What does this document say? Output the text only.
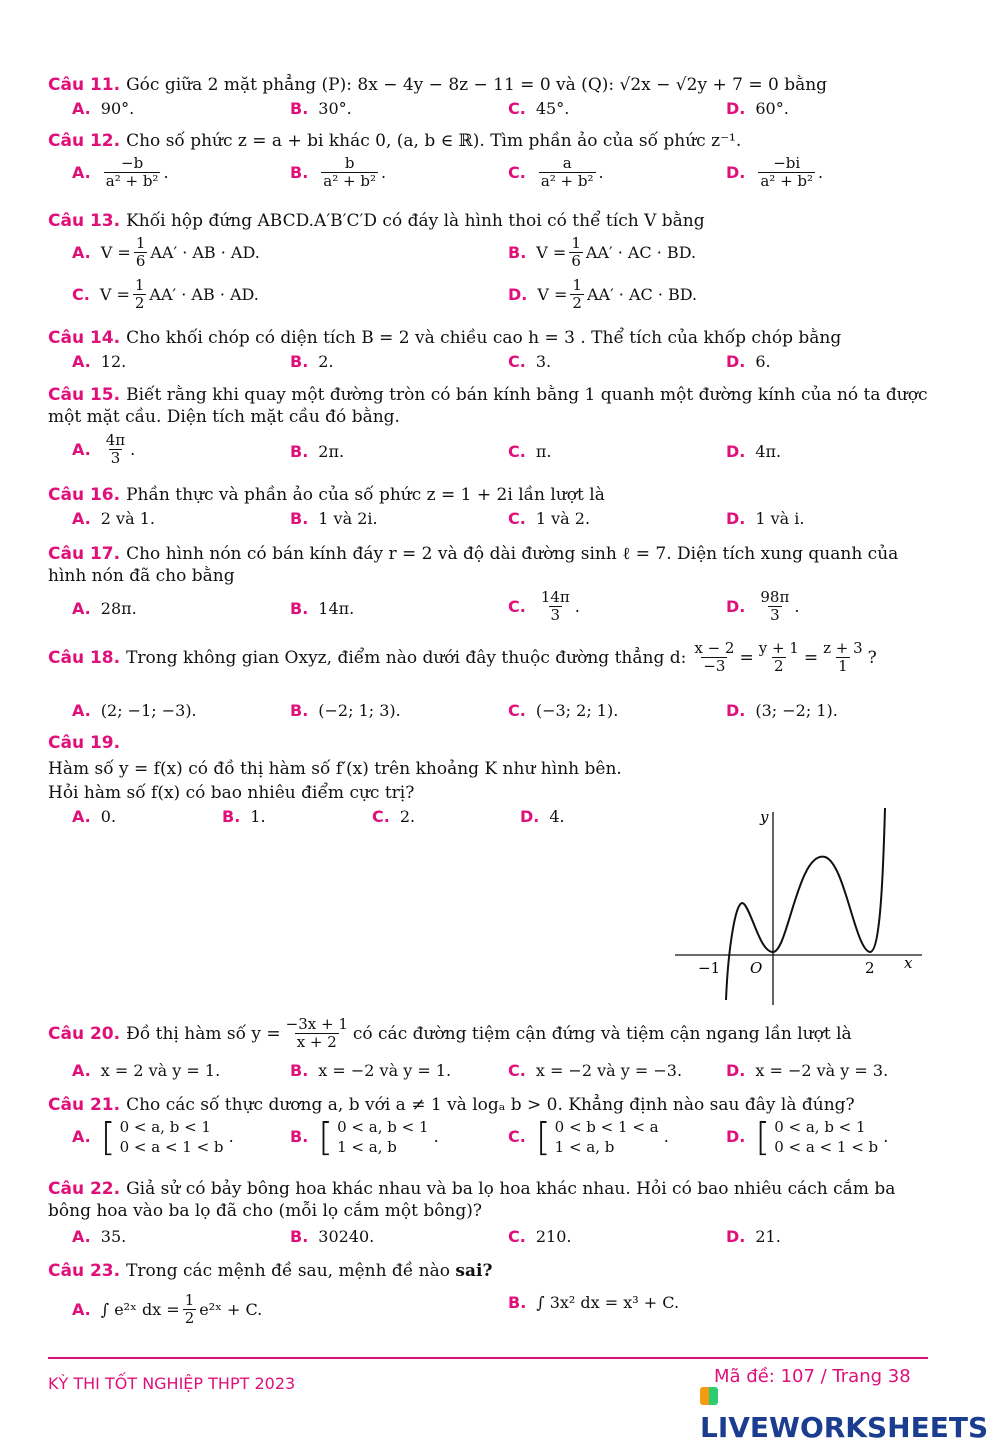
Câu 11. Góc giữa 2 mặt phẳng (P): 8x − 4y − 8z − 11 = 0 và (Q): √2x − √2y + 7 = 0 bằng
A. 90°.	B. 30°.	C. 45°.	D. 60°.
Câu 12. Cho số phức z = a + bi khác 0, (a, b ∈ ℝ). Tìm phần ảo của số phức z⁻¹.
A. $\frac{-b}{\text{a² + b²}}$ .	B. $\frac{b}{\text{a² + b²}}$ .	C. $\frac{a}{\text{a² + b²}}$ .	D. $\frac{-bi}{\text{a² + b²}}$ .
Câu 13. Khối hộp đứng ABCD.A′B′C′D có đáy là hình thoi có thể tích V bằng
A. $V = \frac{1}{6} AA'$ · AB · AD.	B. $V = \frac{1}{6} AA'$ · AC · BD.
C. $V = \frac{1}{2} AA'$ · AB · AD.	D. $V = \frac{1}{2} AA'$ · AC · BD.
Câu 14. Cho khối chóp có diện tích B = 2 và chiều cao h = 3 . Thể tích của khốp chóp bằng
A. 12.	B. 2.	C. 3.	D. 6.
Câu 15. Biết rằng khi quay một đường tròn có bán kính bằng 1 quanh một đường kính của nó ta được một mặt cầu. Diện tích mặt cầu đó bằng.
A. $\frac{4\pi}{3}$ .	B. 2π.	C. π.	D. 4π.
Câu 16. Phần thực và phần ảo của số phức z = 1 + 2i lần lượt là
A. 2 và 1.	B. 1 và 2i.	C. 1 và 2.	D. 1 và i.
Câu 17. Cho hình nón có bán kính đáy r = 2 và độ dài đường sinh ℓ = 7. Diện tích xung quanh của hình nón đã cho bằng
A. 28π.	B. 14π.	C. $\frac{14\pi}{3}$ .	D. $\frac{98\pi}{3}$ .
Câu 18. Trong không gian Oxyz, điểm nào dưới đây thuộc đường thẳng d: $\frac{x - 2}{-3} = \frac{y + 1}{2} = \frac{z + 3}{1}$ ?
A. (2; −1; −3).	B. (−2; 1; 3).	C. (−3; 2; 1).	D. (3; −2; 1).
Câu 19.
Hàm số y = f(x) có đồ thị hàm số f′(x) trên khoảng K như hình bên.
Hỏi hàm số f(x) có bao nhiêu điểm cực trị?
A. 0.	B. 1.	C. 2.	D. 4.	y
x
O
−1	2
Câu 20. Đồ thị hàm số $y = \frac{-3x + 1}{x + 2}$ có các đường tiệm cận đứng và tiệm cận ngang lần lượt là
A. x = 2 và y = 1.	B. x = −2 và y = 1.	C. x = −2 và y = −3.	D. x = −2 và y = 3.
Câu 21. Cho các số thực dương a, b với a ≠ 1 và logₐ b > 0. Khẳng định nào sau đây là đúng?
A. [ 0 < a, b < 1
0 < a < 1 < b
.	B. [ 0 < a, b < 1
1 < a, b
.	C. [ 0 < b < 1 < a
1 < a, b
.	D. [ 0 < a, b < 1
0 < a < 1 < b
.
Câu 22. Giả sử có bảy bông hoa khác nhau và ba lọ hoa khác nhau. Hỏi có bao nhiêu cách cắm ba bông hoa vào ba lọ đã cho (mỗi lọ cắm một bông)?
A. 35.	B. 30240.	C. 210.	D. 21.
Câu 23. Trong các mệnh đề sau, mệnh đề nào sai?
A. ∫ e²ˣ dx = $\frac{1}{2}$ e²ˣ + C.	B. ∫ 3x² dx = x³ + C.
KỲ THI TỐT NGHIỆP THPT 2023	Mã đề: 107 / Trang 38
LIVEWORKSHEETS
